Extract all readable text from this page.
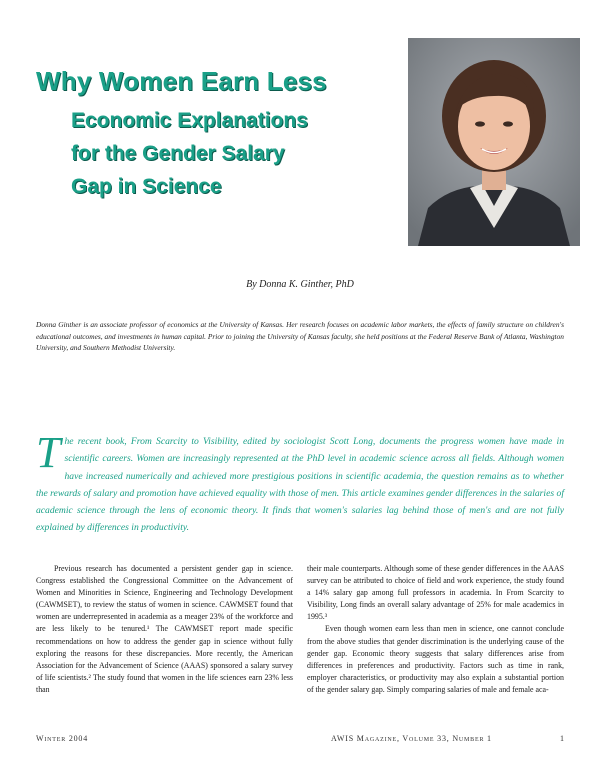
Why Women Earn Less
Economic Explanations
for the Gender Salary
Gap in Science
By Donna K. Ginther, PhD
Donna Ginther is an associate professor of economics at the University of Kansas. Her research focuses on academic labor markets, the effects of family structure on children's educational outcomes, and investments in human capital. Prior to joining the University of Kansas faculty, she held positions at the Federal Reserve Bank of Atlanta, Washington University, and Southern Methodist University.
The recent book, From Scarcity to Visibility, edited by sociologist Scott Long, documents the progress women have made in scientific careers. Women are increasingly represented at the PhD level in academic science across all fields. Although women have increased numerically and achieved more prestigious positions in scientific academia, the question remains as to whether the rewards of salary and promotion have achieved equality with those of men. This article examines gender differences in the salaries of academic science through the lens of economic theory. It finds that women's salaries lag behind those of men's and are not fully explained by differences in productivity.

Previous research has documented a persistent gender gap in science. Congress established the Congressional Committee on the Advancement of Women and Minorities in Science, Engineering and Technology Development (CAWMSET), to review the status of women in science. CAWMSET found that women are underrepresented in academia as a meager 23% of the workforce and are less likely to be tenured.¹ The CAWMSET report made specific recommendations on how to address the gender gap in science without fully exploring the reasons for these discrepancies. More recently, the American Association for the Advancement of Science (AAAS) sponsored a salary survey of life scientists.² The study found that women in the life sciences earn 23% less than

their male counterparts. Although some of these gender differences in the AAAS survey can be attributed to choice of field and work experience, the study found a 14% salary gap among full professors in academia. In From Scarcity to Visibility, Long finds an overall salary advantage of 25% for male academics in 1995.³

Even though women earn less than men in science, one cannot conclude from the above studies that gender discrimination is the underlying cause of the gender gap. Economic theory suggests that salary differences arise from differences in preferences and productivity. Factors such as time in rank, employer characteristics, or productivity may also explain a substantial portion of the gender salary gap. Simply comparing salaries of male and female aca-

Winter 2004	AWIS Magazine, Volume 33, Number 1	1
